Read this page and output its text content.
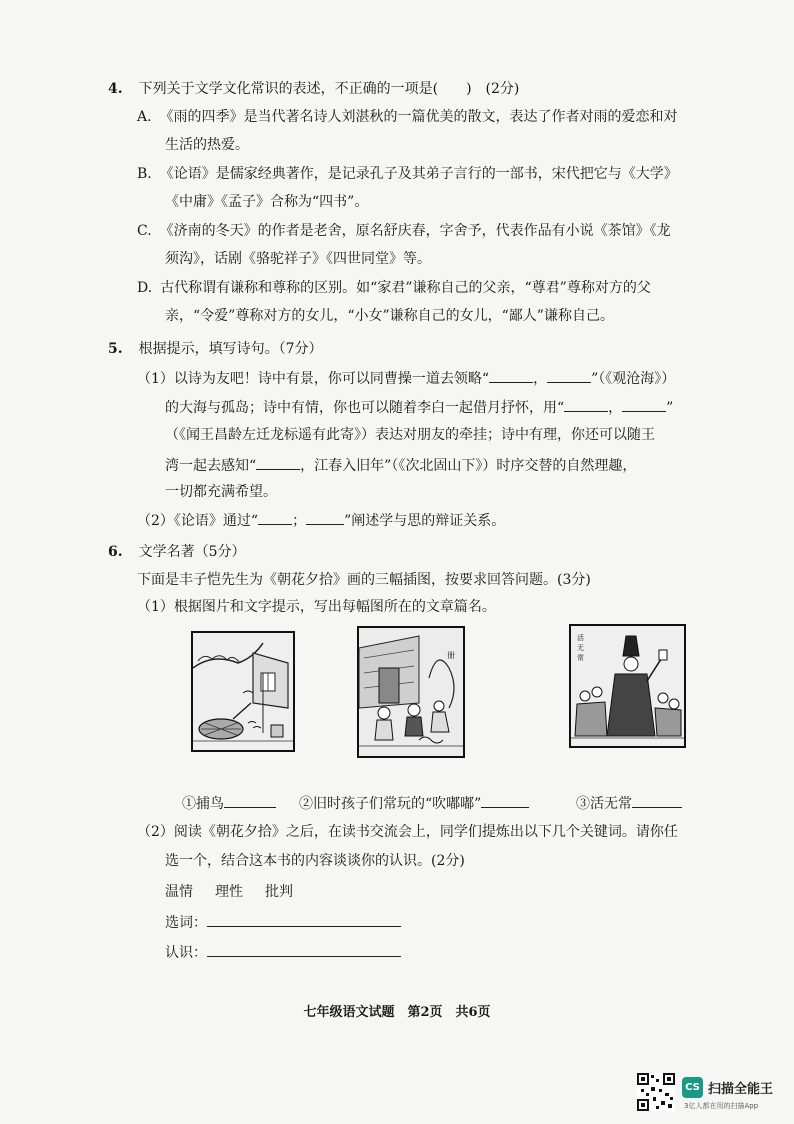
4. 下列关于文学文化常识的表述，不正确的一项是(　　)　(2分)
A. 《雨的四季》是当代著名诗人刘湛秋的一篇优美的散文，表达了作者对雨的爱恋和对
生活的热爱。
B. 《论语》是儒家经典著作，是记录孔子及其弟子言行的一部书，宋代把它与《大学》
《中庸》《孟子》合称为“四书”。
C. 《济南的冬天》的作者是老舍，原名舒庆春，字舍予，代表作品有小说《茶馆》《龙
须沟》，话剧《骆驼祥子》《四世同堂》等。
D. 古代称谓有谦称和尊称的区别。如“家君”谦称自己的父亲，“尊君”尊称对方的父
亲，“令爱”尊称对方的女儿，“小女”谦称自己的女儿，“鄙人”谦称自己。
5. 根据提示，填写诗句。（7分）
（1）以诗为友吧！诗中有景，你可以同曹操一道去领略“	，	”（《观沧海》）
的大海与孤岛；诗中有情，你也可以随着李白一起借月抒怀，用“	，	”
（《闻王昌龄左迁龙标遥有此寄》）表达对朋友的牵挂；诗中有理，你还可以随王
湾一起去感知“	，江春入旧年”（《次北固山下》）时序交替的自然理趣，
一切都充满希望。
（2）《论语》通过“ ；	”阐述学与思的辩证关系。
6. 文学名著（5分）
下面是丰子恺先生为《朝花夕拾》画的三幅插图，按要求回答问题。(3分)
（1）根据图片和文字提示，写出每幅图所在的文章篇名。
卌
活
无
常
①捕鸟	②旧时孩子们常玩的“吹嘟嘟”	③活无常
（2）阅读《朝花夕拾》之后，在读书交流会上，同学们提炼出以下几个关键词。请你任
选一个，结合这本书的内容谈谈你的认识。(2分)
温情 理性 批判
选词：
认识：
七年级语文试题　第2页　共6页
CS 扫描全能王
3亿人都在用的扫描App
